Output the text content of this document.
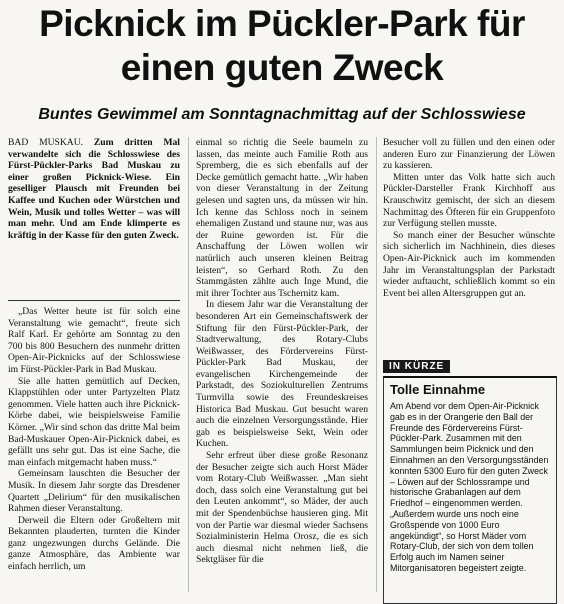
Picknick im Pückler-Park für
einen guten Zweck
Buntes Gewimmel am Sonntagnachmittag auf der Schlosswiese

BAD MUSKAU. Zum dritten Mal verwandelte sich die Schlosswiese des Fürst-Pückler-Parks Bad Muskau zu einer großen Picknick-Wiese. Ein geselliger Plausch mit Freunden bei Kaffee und Kuchen oder Würstchen und Wein, Musik und tolles Wetter – was will man mehr. Und am Ende klimperte es kräftig in der Kasse für den guten Zweck.

„Das Wetter heute ist für solch eine Veranstaltung wie gemacht“, freute sich Ralf Karl. Er gehörte am Sonntag zu den 700 bis 800 Besuchern des nunmehr dritten Open-Air-Picknicks auf der Schlosswiese im Fürst-Pückler-Park in Bad Muskau.

Sie alle hatten gemütlich auf Decken, Klappstühlen oder unter Partyzelten Platz genommen. Viele hatten auch ihre Picknick-Körbe dabei, wie beispielsweise Familie Körner. „Wir sind schon das dritte Mal beim Bad-Muskauer Open-Air-Picknick dabei, es gefällt uns sehr gut. Das ist eine Sache, die man einfach mitgemacht haben muss.“

Gemeinsam lauschten die Besucher der Musik. In diesem Jahr sorgte das Dresdener Quartett „Delirium“ für den musikalischen Rahmen dieser Veranstaltung.

Derweil die Eltern oder Großeltern mit Bekannten plauderten, turnten die Kinder ganz ungezwungen durchs Gelände. Die ganze Atmosphäre, das Ambiente war einfach herrlich, um

einmal so richtig die Seele baumeln zu lassen, das meinte auch Familie Roth aus Spremberg, die es sich ebenfalls auf der Decke gemütlich gemacht hatte. „Wir haben von dieser Veranstaltung in der Zeitung gelesen und sagten uns, da müssen wir hin. Ich kenne das Schloss noch in seinem ehemaligen Zustand und staune nur, was aus der Ruine geworden ist. Für die Anschaffung der Löwen wollen wir natürlich auch unseren kleinen Beitrag leisten“, so Gerhard Roth. Zu den Stammgästen zählte auch Inge Mund, die mit ihrer Tochter aus Tschernitz kam.

In diesem Jahr war die Veranstaltung der besonderen Art ein Gemeinschaftswerk der Stiftung für den Fürst-Pückler-Park, der Stadtverwaltung, des Rotary-Clubs Weißwasser, des Fördervereins Fürst-Pückler-Park Bad Muskau, der evangelischen Kirchengemeinde der Parkstadt, des Soziokulturellen Zentrums Turmvilla sowie des Freundeskreises Historica Bad Muskau. Gut besucht waren auch die einzelnen Versorgungsstände. Hier gab es beispielsweise Sekt, Wein oder Kuchen.

Sehr erfreut über diese große Resonanz der Besucher zeigte sich auch Horst Mäder vom Rotary-Club Weißwasser. „Man sieht doch, dass solch eine Veranstaltung gut bei den Leuten ankommt“, so Mäder, der auch mit der Spendenbüchse hausieren ging. Mit von der Partie war diesmal wieder Sachsens Sozialministerin Helma Orosz, die es sich auch diesmal nicht nehmen ließ, die Sektgläser für die

Besucher voll zu füllen und den einen oder anderen Euro zur Finanzierung der Löwen zu kassieren.

Mitten unter das Volk hatte sich auch Pückler-Darsteller Frank Kirchhoff aus Krauschwitz gemischt, der sich an diesem Nachmittag des Öfteren für ein Gruppenfoto zur Verfügung stellen musste.

So manch einer der Besucher wünschte sich sicherlich im Nachhinein, dies dieses Open-Air-Picknick auch im kommenden Jahr im Veranstaltungsplan der Parkstadt wieder auftaucht, schließlich kommt so ein Event bei allen Altersgruppen gut an.

IN KÜRZE

Tolle Einnahme

Am Abend vor dem Open-Air-Picknick gab es in der Orangerie den Ball der Freunde des Fördervereins Fürst-Pückler-Park. Zusammen mit den Sammlungen beim Picknick und den Einnahmen an den Versorgungsständen konnten 5300 Euro für den guten Zweck – Löwen auf der Schlossrampe und historische Grabanlagen auf dem Friedhof – eingenommen werden. „Außerdem wurde uns noch eine Großspende von 1000 Euro angekündigt“, so Horst Mäder vom Rotary-Club, der sich von dem tollen Erfolg auch im Namen seiner Mitorganisatoren begeistert zeigte.
